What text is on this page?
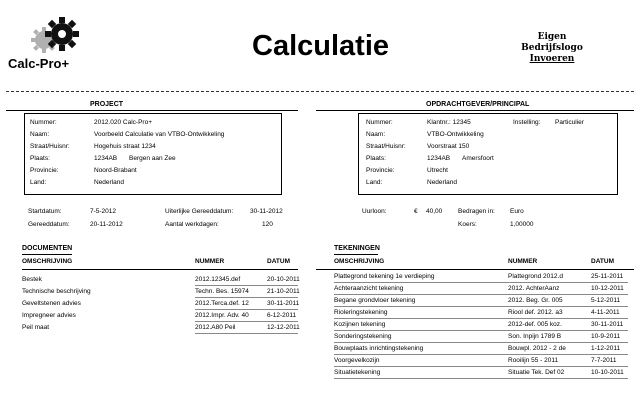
Calc-Pro+
Calculatie	Eigen Bedrijfslogo
Invoeren
PROJECT	OPDRACHTGEVER/PRINCIPAL
Nummer:	2012.020 Calc-Pro+
Naam:	Voorbeeld Calculatie van VTBO-Ontwikkeling
Straat/Huisnr:	Hogehuis straat 1234
Plaats:	1234AB Bergen aan Zee
Provincie:	Noord-Brabant
Land:	Nederland
Nummer:	Klantnr.: 12345	Instelling: Particulier
Naam:	VTBO-Ontwikkeling
Straat/Huisnr:	Voorstraat 150
Plaats:	1234AB Amersfoort
Provincie:	Utrecht
Land:	Nederland
Startdatum:	7-5-2012	Uiterlijke Gereeddatum:	30-11-2012
Gereeddatum:	20-11-2012	Aantal werkdagen:	120
Uurloon:	€ 40,00 Bedragen in: Euro
Koers:	1,00000
DOCUMENTEN
OMSCHRIJVING	NUMMER	DATUM
Bestek	2012.12345.def	20-10-2011
Technische beschrijving	Techn. Bes. 15974	21-10-2011
Geveltstenen advies	2012.Terca.def. 12	30-11-2011
Impregneer advies	2012.Impr. Adv. 40	6-12-2011
Peil maat	2012.A80 Peil	12-12-2011
TEKENINGEN
OMSCHRIJVING	NUMMER	DATUM
Plattegrond tekening 1e verdieping	Plattegrond 2012.d	25-11-2011
Achteraanzicht tekening	2012. AchterAanz	10-12-2011
Begane grondvloer tekening	2012. Beg. Gr. 005	5-12-2011
Rioleringstekening	Riool def. 2012. a3	4-11-2011
Kozijnen tekening	2012-def. 005 koz.	30-11-2011
Sonderingstekening	Son. Inpijn 1789 B	10-9-2011
Bouwplaats inrichtingstekening	Bouwpl. 2012 - 2 de	1-12-2011
Voorgevelkozijn	Rooilijn 55 - 2011	7-7-2011
Situatietekening	Situatie Tek. Def 02	10-10-2011
